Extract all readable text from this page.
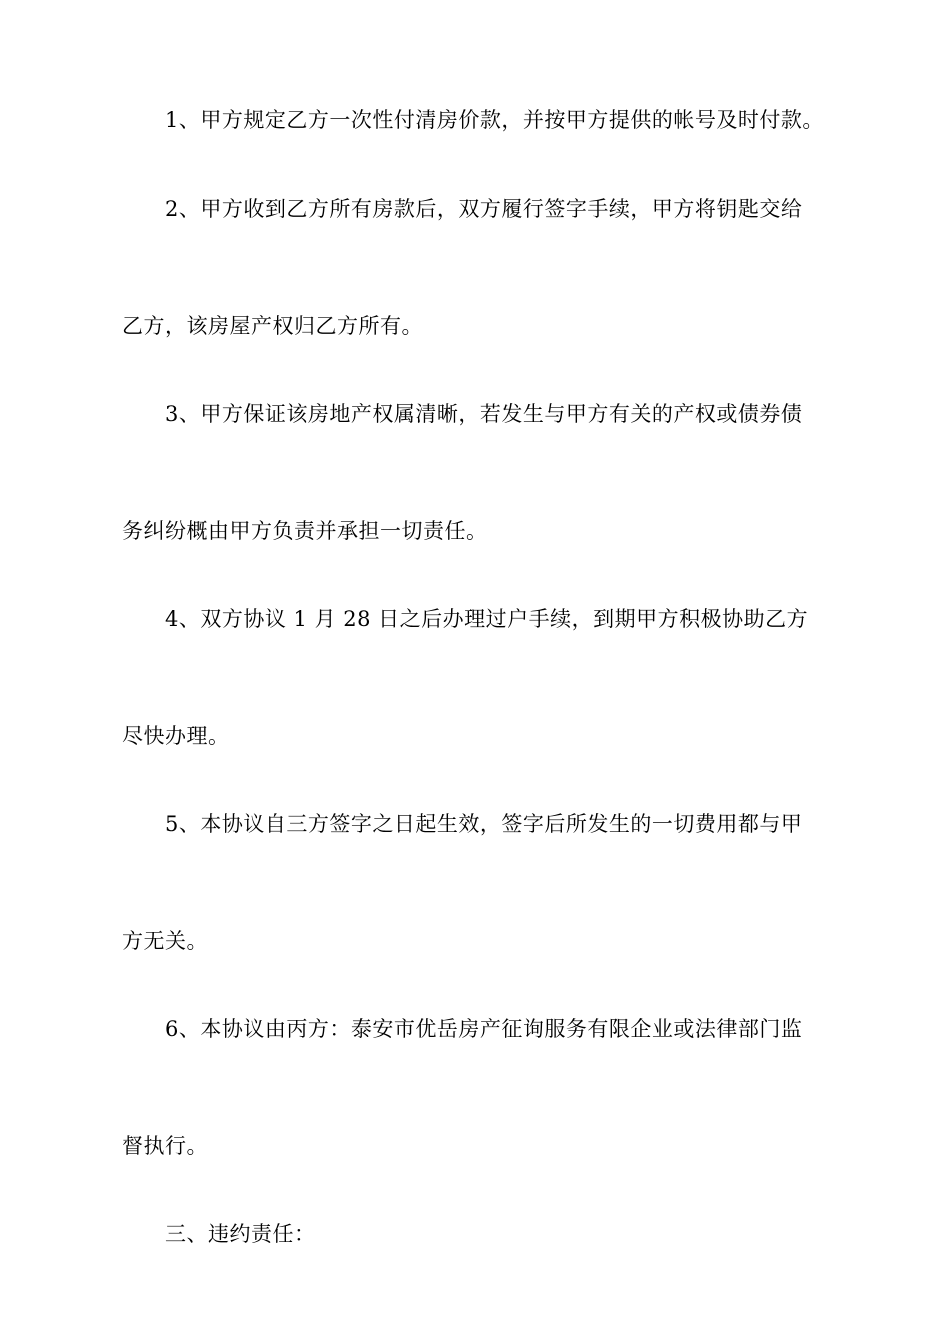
1、甲方规定乙方一次性付清房价款，并按甲方提供的帐号及时付款。
2、甲方收到乙方所有房款后，双方履行签字手续，甲方将钥匙交给
乙方，该房屋产权归乙方所有。
3、甲方保证该房地产权属清晰，若发生与甲方有关的产权或债券债
务纠纷概由甲方负责并承担一切责任。
4、双方协议 1 月 28 日之后办理过户手续，到期甲方积极协助乙方
尽快办理。
5、本协议自三方签字之日起生效，签字后所发生的一切费用都与甲
方无关。
6、本协议由丙方：泰安市优岳房产征询服务有限企业或法律部门监
督执行。
三、违约责任：
